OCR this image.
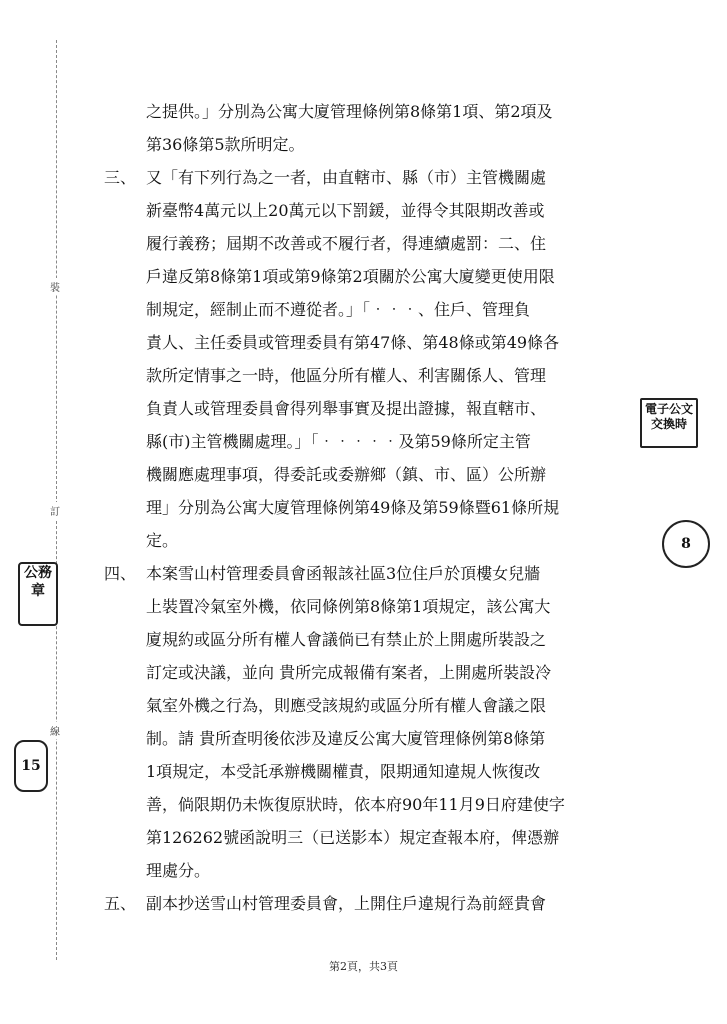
裝
訂
線
公務章
15
電子公文交換時
8
之提供。」分別為公寓大廈管理條例第8條第1項、第2項及
第36條第5款所明定。
三、 又「有下列行為之一者，由直轄市、縣（市）主管機關處
新臺幣4萬元以上20萬元以下罰鍰，並得令其限期改善或
履行義務；屆期不改善或不履行者，得連續處罰：二、住
戶違反第8條第1項或第9條第2項關於公寓大廈變更使用限
制規定，經制止而不遵從者。」「‧‧‧、住戶、管理負
責人、主任委員或管理委員有第47條、第48條或第49條各
款所定情事之一時，他區分所有權人、利害關係人、管理
負責人或管理委員會得列舉事實及提出證據，報直轄市、
縣(市)主管機關處理。」「‧‧‧‧‧及第59條所定主管
機關應處理事項，得委託或委辦鄉（鎮、市、區）公所辦
理」分別為公寓大廈管理條例第49條及第59條暨61條所規
定。
四、 本案雪山村管理委員會函報該社區3位住戶於頂樓女兒牆
上裝置冷氣室外機，依同條例第8條第1項規定，該公寓大
廈規約或區分所有權人會議倘已有禁止於上開處所裝設之
訂定或決議，並向 貴所完成報備有案者，上開處所裝設冷
氣室外機之行為，則應受該規約或區分所有權人會議之限
制。請 貴所查明後依涉及違反公寓大廈管理條例第8條第
1項規定，本受託承辦機關權責，限期通知違規人恢復改
善，倘限期仍未恢復原狀時，依本府90年11月9日府建使字
第126262號函說明三（已送影本）規定查報本府，俾憑辦
理處分。
五、 副本抄送雪山村管理委員會，上開住戶違規行為前經貴會
第2頁，共3頁
